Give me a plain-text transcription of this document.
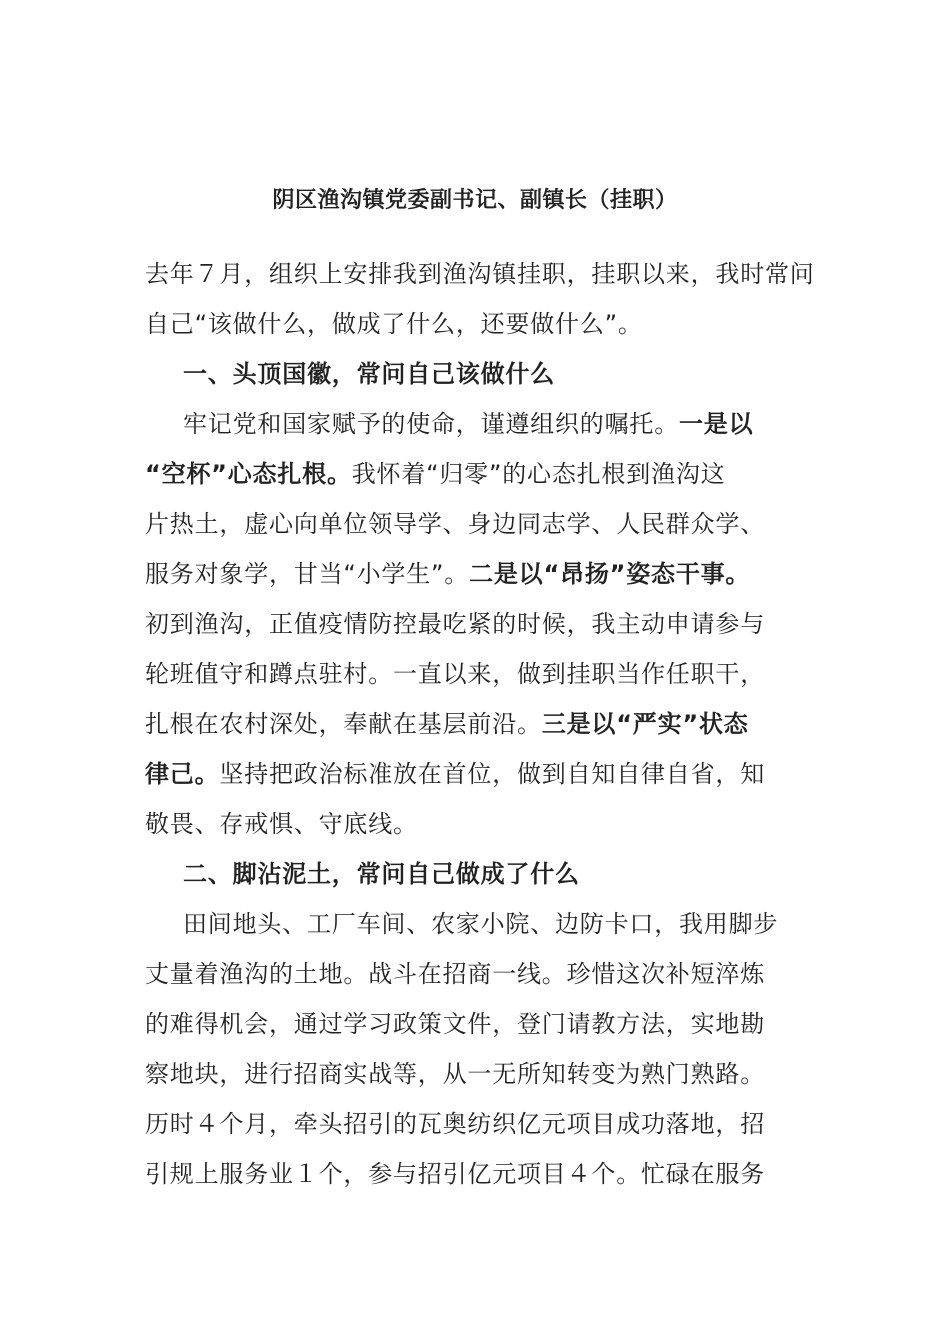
阴区渔沟镇党委副书记、副镇长（挂职）
去年７月，组织上安排我到渔沟镇挂职，挂职以来，我时常问
自己“该做什么，做成了什么，还要做什么”。
一、头顶国徽，常问自己该做什么
牢记党和国家赋予的使命，谨遵组织的嘱托。一是以
“空杯”心态扎根。我怀着“归零”的心态扎根到渔沟这
片热土，虚心向单位领导学、身边同志学、人民群众学、
服务对象学，甘当“小学生”。二是以“昂扬”姿态干事。
初到渔沟，正值疫情防控最吃紧的时候，我主动申请参与
轮班值守和蹲点驻村。一直以来，做到挂职当作任职干，
扎根在农村深处，奉献在基层前沿。三是以“严实”状态
律己。坚持把政治标准放在首位，做到自知自律自省，知
敬畏、存戒惧、守底线。
二、脚沾泥土，常问自己做成了什么
田间地头、工厂车间、农家小院、边防卡口，我用脚步
丈量着渔沟的土地。战斗在招商一线。珍惜这次补短淬炼
的难得机会，通过学习政策文件，登门请教方法，实地勘
察地块，进行招商实战等，从一无所知转变为熟门熟路。
历时４个月，牵头招引的瓦奥纺织亿元项目成功落地，招
引规上服务业１个，参与招引亿元项目４个。忙碌在服务
